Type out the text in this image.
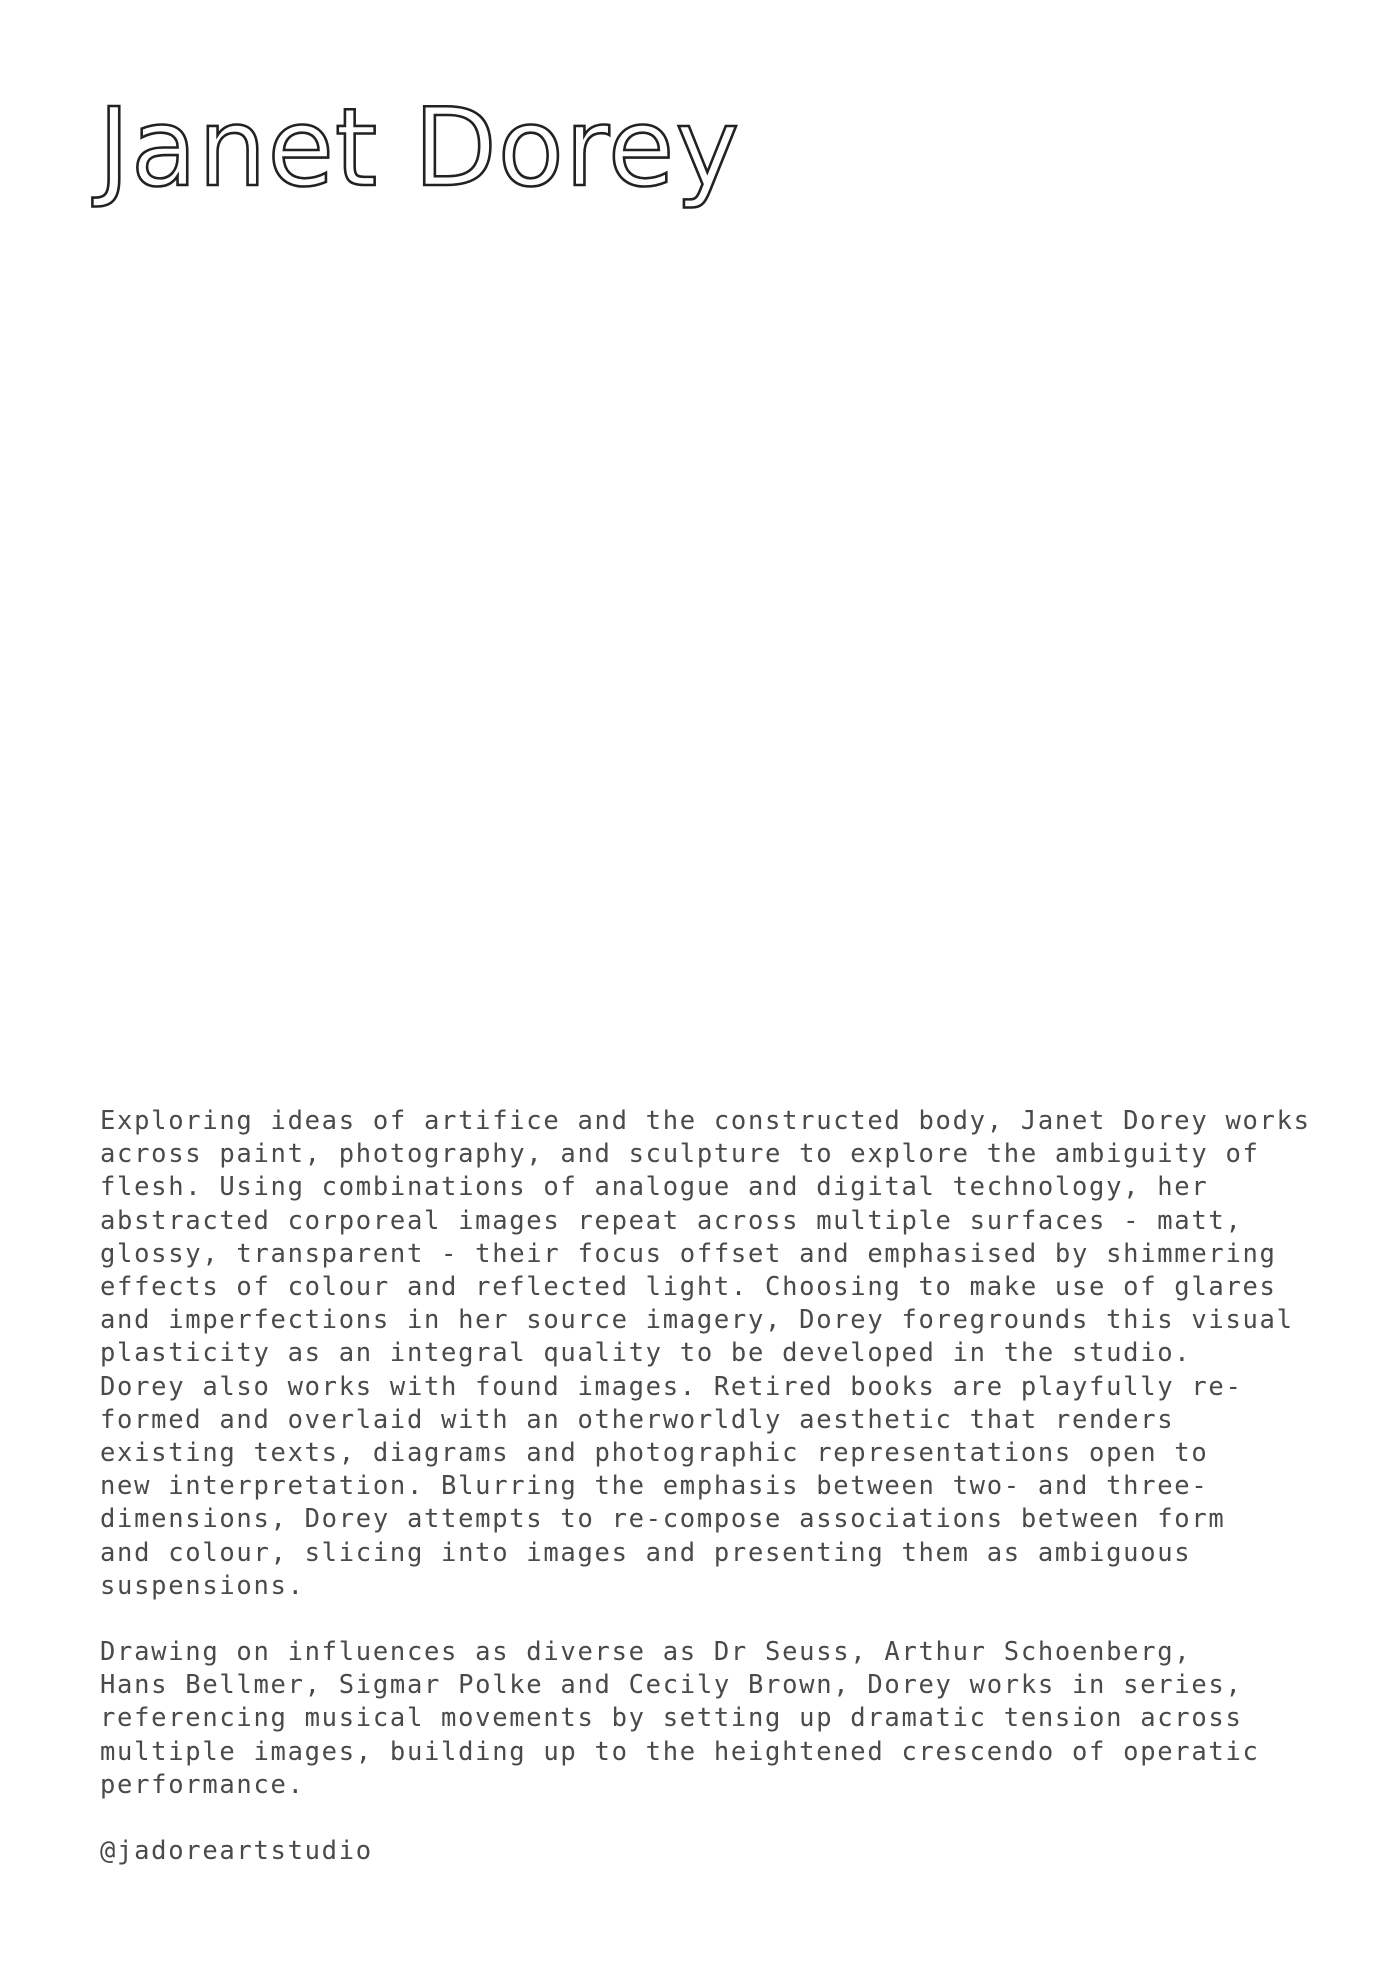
Janet Dorey

Exploring ideas of artifice and the constructed body, Janet Dorey works
across paint, photography, and sculpture to explore the ambiguity of
flesh. Using combinations of analogue and digital technology, her
abstracted corporeal images repeat across multiple surfaces - matt,
glossy, transparent - their focus offset and emphasised by shimmering
effects of colour and reflected light. Choosing to make use of glares
and imperfections in her source imagery, Dorey foregrounds this visual
plasticity as an integral quality to be developed in the studio.
Dorey also works with found images. Retired books are playfully re-
formed and overlaid with an otherworldly aesthetic that renders
existing texts, diagrams and photographic representations open to
new interpretation. Blurring the emphasis between two- and three-
dimensions, Dorey attempts to re-compose associations between form
and colour, slicing into images and presenting them as ambiguous
suspensions.

Drawing on influences as diverse as Dr Seuss, Arthur Schoenberg,
Hans Bellmer, Sigmar Polke and Cecily Brown, Dorey works in series,
referencing musical movements by setting up dramatic tension across
multiple images, building up to the heightened crescendo of operatic
performance.

@jadoreartstudio
